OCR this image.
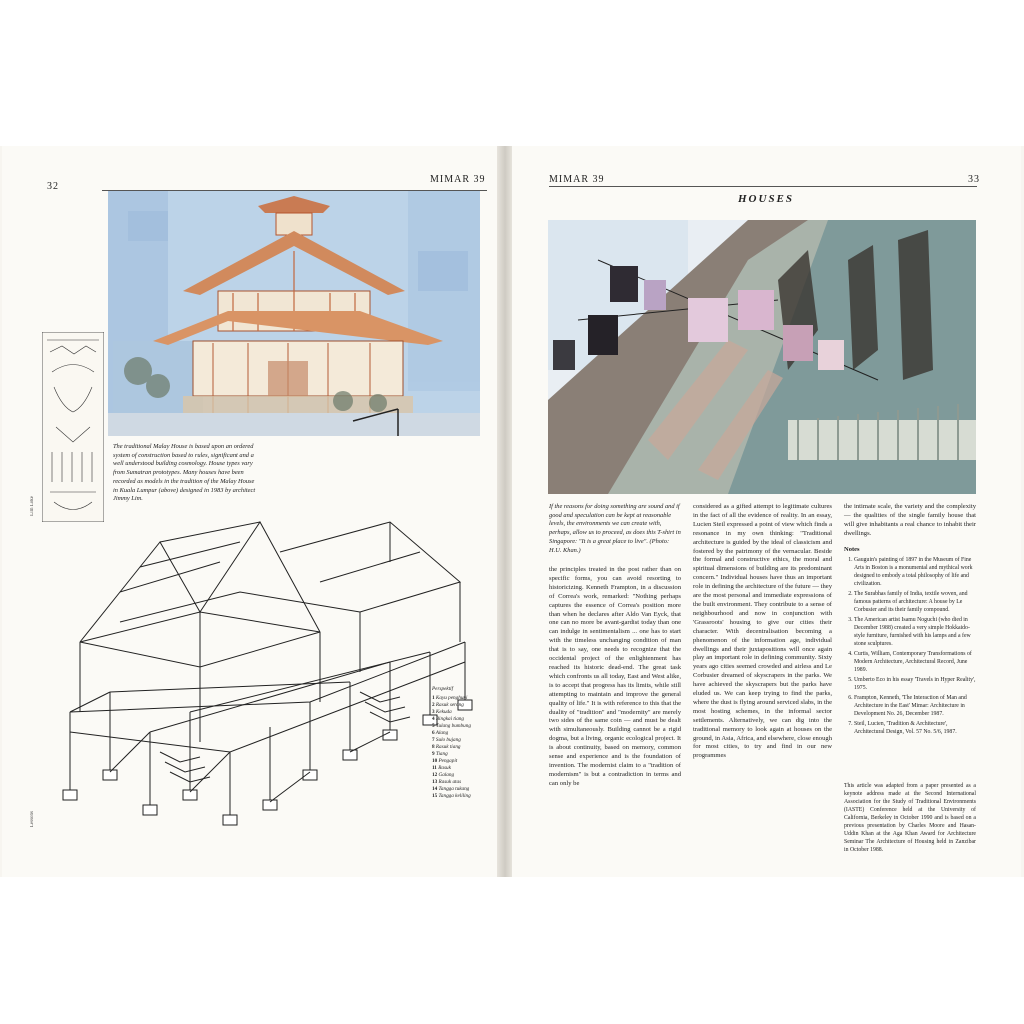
32
MIMAR 39
The traditional Malay House is based upon an ordered system of construction based to rules, significant and a well understood building cosmology. House types vary from Sumatran prototypes. Many houses have been recorded as models in the tradition of the Malay House in Kuala Lumpur (above) designed in 1983 by architect Jimmy Lim.
Lim Loke
Lessons
Perspektif
1 Kayu penghuni
2 Rasuk serong
3 Kekuda
4 Bingkai tiang
5 Tulang bumbung
6 Alang
7 Sulo bujang
8 Rasuk tiang
9 Tiang
10 Pengapit
11 Rasuk
12 Galang
13 Rasuk atas
14 Tangga tukang
15 Tangga keliling
MIMAR 39	33
HOUSES
If the reasons for doing something are sound and if good and speculation can be kept at reasonable levels, the environments we can create with, perhaps, allow us to proceed, as does this T-shirt in Singapore: "It is a great place to live". (Photo: H.U. Khan.)

the principles treated in the post rather than on specific forms, you can avoid resorting to historicizing. Kenneth Frampton, in a discussion of Correa's work, remarked: "Nothing perhaps captures the essence of Correa's position more than when he declares after Aldo Van Eyck, that one can no more be avant-gardist today than one can indulge in sentimentalism ... one has to start with the timeless unchanging condition of man that is to say, one needs to recognize that the occidental project of the enlightenment has reached its historic dead-end. The great task which confronts us all today, East and West alike, is to accept that progress has its limits, while still attempting to maintain and improve the general quality of life." It is with reference to this that the duality of "tradition" and "modernity" are merely two sides of the same coin — and must be dealt with simultaneously. Building cannot be a rigid dogma, but a living, organic ecological project. It is about continuity, based on memory, common sense and experience and is the foundation of invention. The modernist claim to a "tradition of modernism" is but a contradiction in terms and can only be

considered as a gifted attempt to legitimate cultures in the fact of all the evidence of reality. In an essay, Lucien Steil expressed a point of view which finds a resonance in my own thinking: "Traditional architecture is guided by the ideal of classicism and fostered by the patrimony of the vernacular. Beside the formal and constructive ethics, the moral and spiritual dimensions of building are its predominant concern." Individual houses have thus an important role in defining the architecture of the future — they are the most personal and immediate expressions of the built environment. They contribute to a sense of neighbourhood and now in conjunction with 'Grassroots' housing to give our cities their character. With decentralisation becoming a phenomenon of the information age, individual dwellings and their juxtapositions will once again play an important role in defining community. Sixty years ago cities seemed crowded and airless and Le Corbusier dreamed of skyscrapers in the parks. We have achieved the skyscrapers but the parks have eluded us. We can keep trying to find the parks, where the dust is flying around serviced slabs, in the most hosting schemes, in the informal sector settlements. Alternatively, we can dig into the traditional memory to look again at houses on the ground, in Asia, Africa, and elsewhere, close enough for most cities, to try and find in our new programmes

the intimate scale, the variety and the complexity — the qualities of the single family house that will give inhabitants a real chance to inhabit their dwellings.

Notes
1. Gauguin's painting of 1897 in the Museum of Fine Arts in Boston is a monumental and mythical work designed to embody a total philosophy of life and civilization.
2. The Surabhas family of India, textile woven, and famous patterns of architecture: A house by Le Corbusier and its their family compound.
3. The American artist Isamu Noguchi (who died in December 1988) created a very simple Hokkaido-style furniture, furnished with his lamps and a few stone sculptures.
4. Curtis, William, Contemporary Transformations of Modern Architecture, Architectural Record, June 1989.
5. Umberto Eco in his essay 'Travels in Hyper Reality', 1975.
6. Frampton, Kenneth, 'The Interaction of Man and Architecture in the East' Mimar: Architecture in Development No. 26, December 1987.
7. Steil, Lucien, 'Tradition & Architecture', Architectural Design, Vol. 57 No. 5/6, 1987.
This article was adapted from a paper presented as a keynote address made at the Second International Association for the Study of Traditional Environments (IASTE) Conference held at the University of California, Berkeley in October 1990 and is based on a previous presentation by Charles Moore and Hasan-Uddin Khan at the Aga Khan Award for Architecture Seminar The Architecture of Housing held in Zanzibar in October 1988.
